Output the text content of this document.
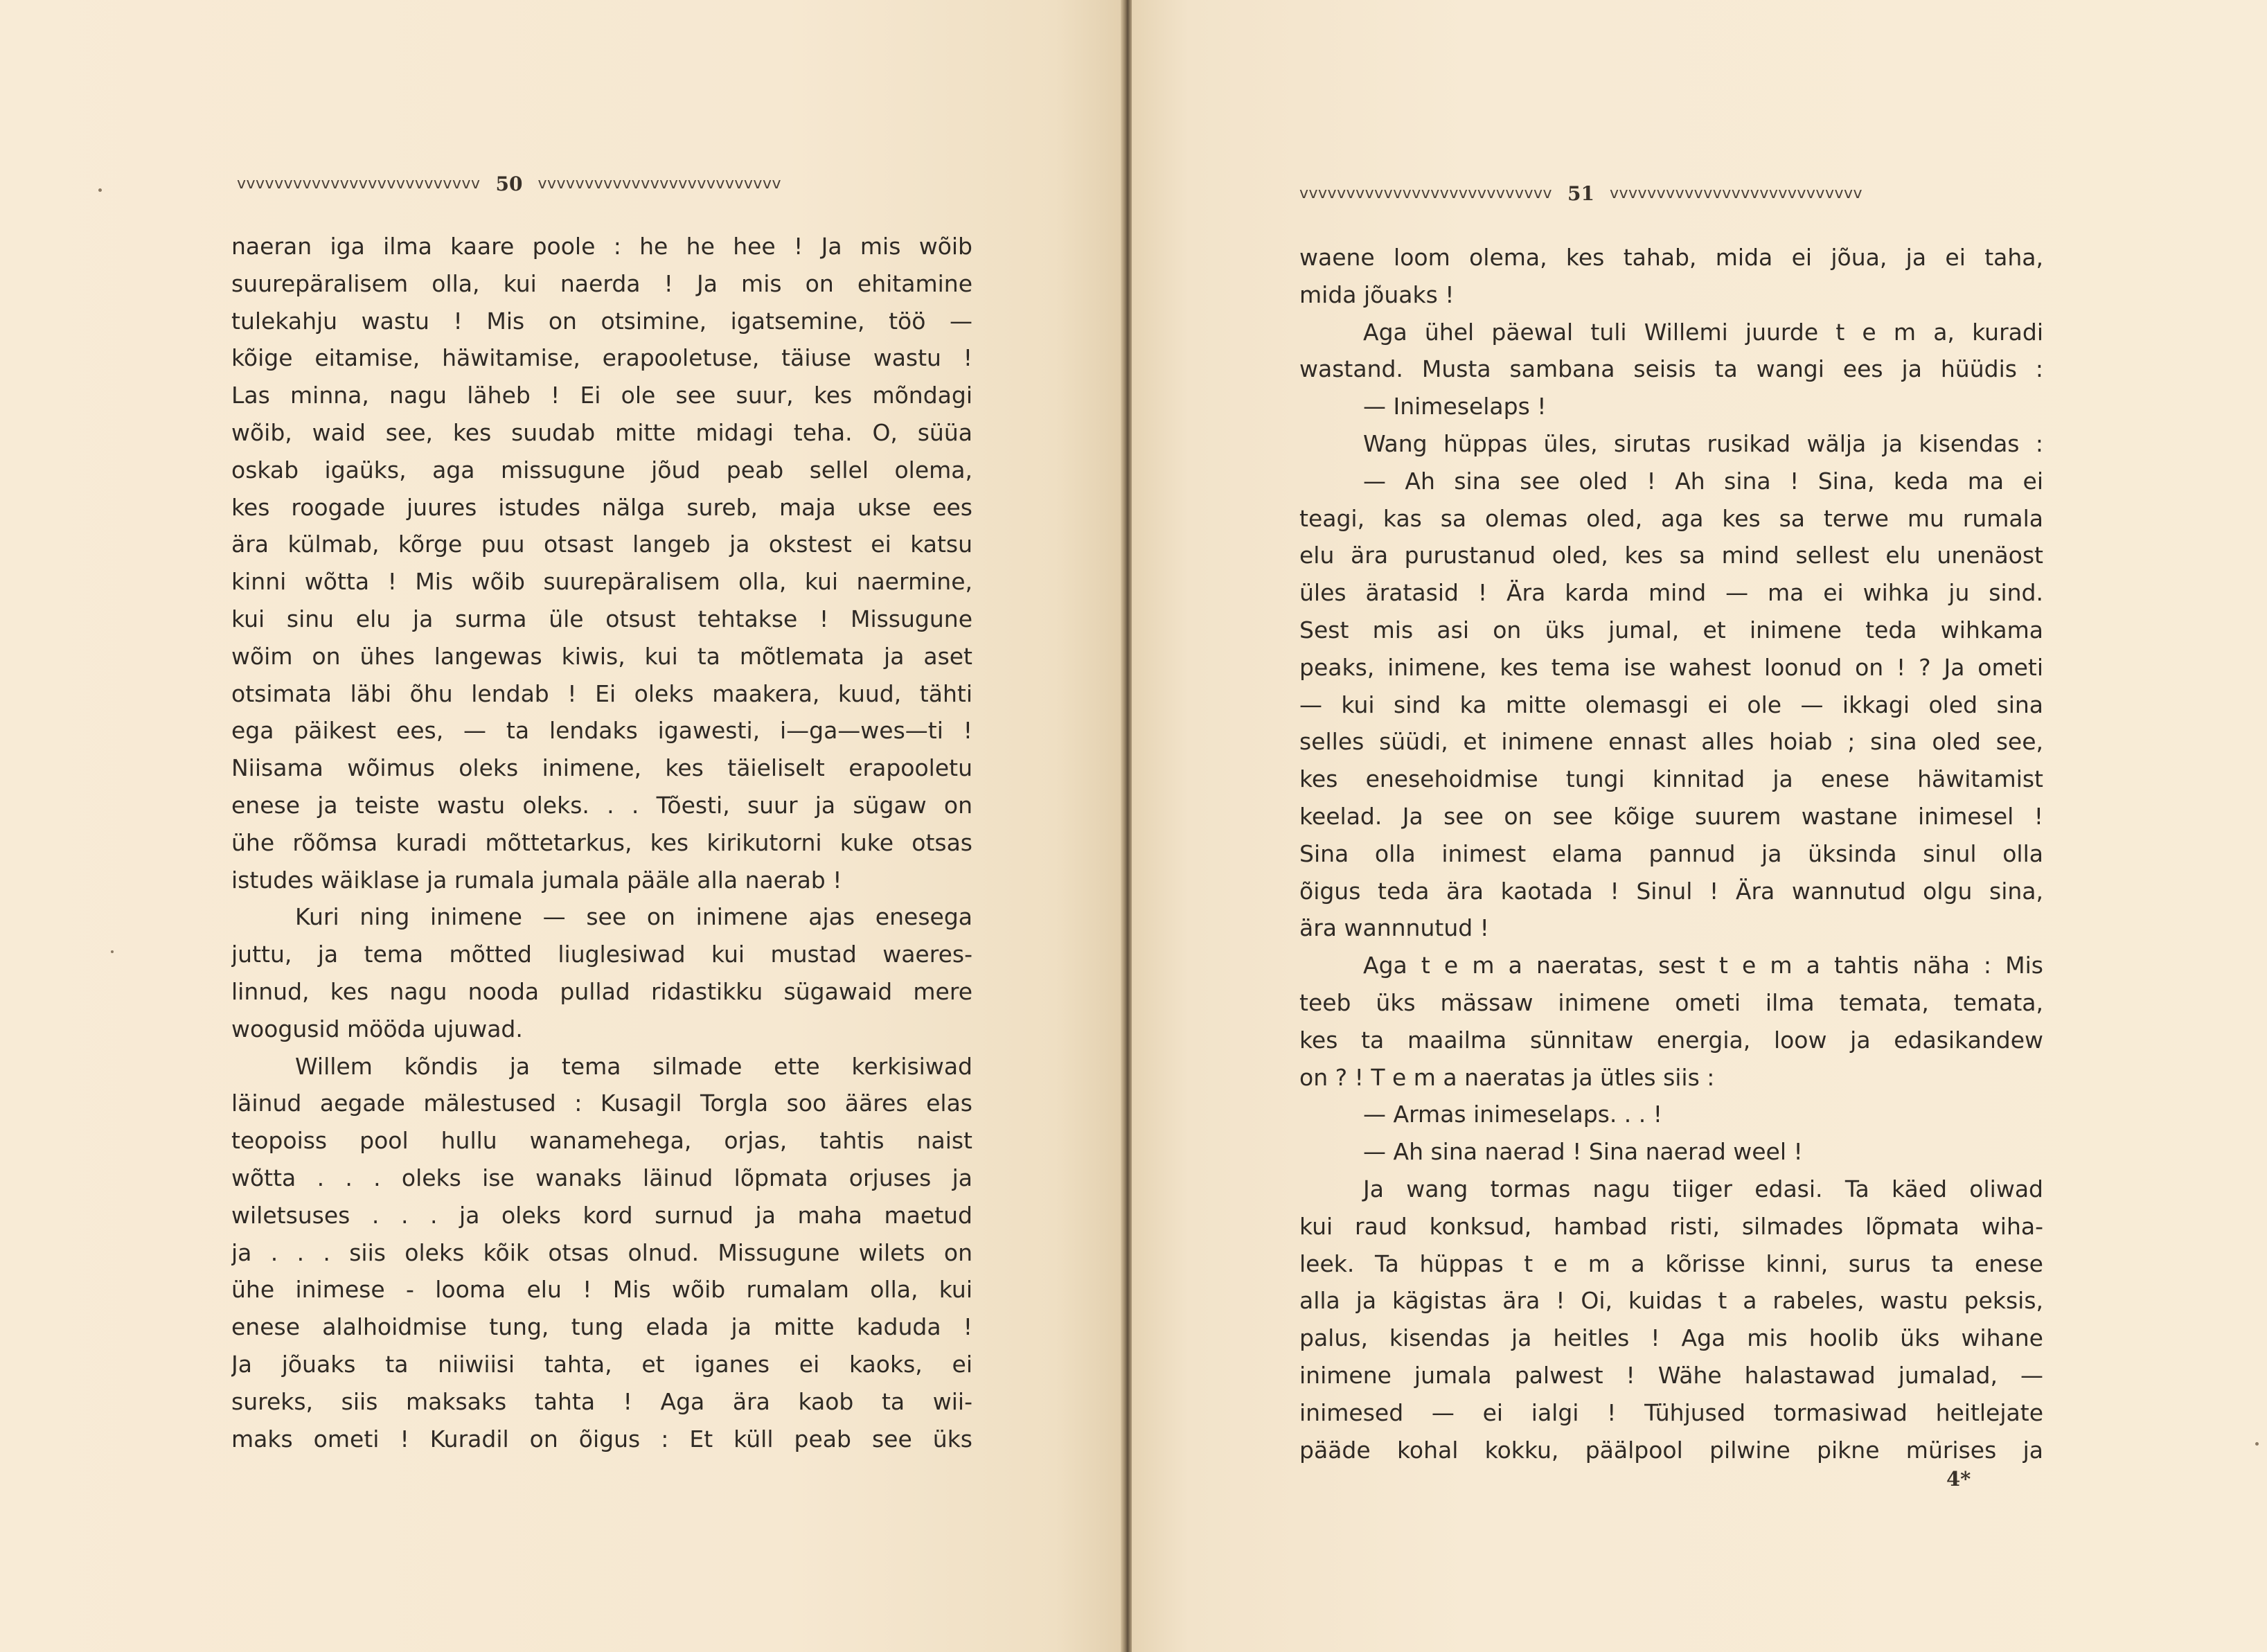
vvvvvvvvvvvvvvvvvvvvvvvvvv 50 vvvvvvvvvvvvvvvvvvvvvvvvvv
naeran iga ilma kaare poole : he he hee ! Ja mis wõib
suurepäralisem olla, kui naerda ! Ja mis on ehitamine
tulekahju wastu ! Mis on otsimine, igatsemine, töö —
kõige eitamise, häwitamise, erapooletuse, täiuse wastu !
Las minna, nagu läheb ! Ei ole see suur, kes mõndagi
wõib, waid see, kes suudab mitte midagi teha. O, süüa
oskab igaüks, aga missugune jõud peab sellel olema,
kes roogade juures istudes nälga sureb, maja ukse ees
ära külmab, kõrge puu otsast langeb ja okstest ei katsu
kinni wõtta ! Mis wõib suurepäralisem olla, kui naermine,
kui sinu elu ja surma üle otsust tehtakse ! Missugune
wõim on ühes langewas kiwis, kui ta mõtlemata ja aset
otsimata läbi õhu lendab ! Ei oleks maakera, kuud, tähti
ega päikest ees, — ta lendaks igawesti, i—ga—wes—ti !
Niisama wõimus oleks inimene, kes täieliselt erapooletu
enese ja teiste wastu oleks. . . Tõesti, suur ja sügaw on
ühe rõõmsa kuradi mõttetarkus, kes kirikutorni kuke otsas
istudes wäiklase ja rumala jumala pääle alla naerab !
Kuri ning inimene — see on inimene ajas enesega
juttu, ja tema mõtted liuglesiwad kui mustad waeres-
linnud, kes nagu nooda pullad ridastikku sügawaid mere
woogusid mööda ujuwad.
Willem kõndis ja tema silmade ette kerkisiwad
läinud aegade mälestused : Kusagil Torgla soo ääres elas
teopoiss pool hullu wanamehega, orjas, tahtis naist
wõtta . . . oleks ise wanaks läinud lõpmata orjuses ja
wiletsuses . . . ja oleks kord surnud ja maha maetud
ja . . . siis oleks kõik otsas olnud. Missugune wilets on
ühe inimese - looma elu ! Mis wõib rumalam olla, kui
enese alalhoidmise tung, tung elada ja mitte kaduda !
Ja jõuaks ta niiwiisi tahta, et iganes ei kaoks, ei
sureks, siis maksaks tahta ! Aga ära kaob ta wii-
maks ometi ! Kuradil on õigus : Et küll peab see üks
vvvvvvvvvvvvvvvvvvvvvvvvvvv 51 vvvvvvvvvvvvvvvvvvvvvvvvvvv
waene loom olema, kes tahab, mida ei jõua, ja ei taha,
mida jõuaks !
Aga ühel päewal tuli Willemi juurde t e m a, kuradi
wastand. Musta sambana seisis ta wangi ees ja hüüdis :
— Inimeselaps !
Wang hüppas üles, sirutas rusikad wälja ja kisendas :
— Ah sina see oled ! Ah sina ! Sina, keda ma ei
teagi, kas sa olemas oled, aga kes sa terwe mu rumala
elu ära purustanud oled, kes sa mind sellest elu unenäost
üles äratasid ! Ära karda mind — ma ei wihka ju sind.
Sest mis asi on üks jumal, et inimene teda wihkama
peaks, inimene, kes tema ise wahest loonud on ! ? Ja ometi
— kui sind ka mitte olemasgi ei ole — ikkagi oled sina
selles süüdi, et inimene ennast alles hoiab ; sina oled see,
kes enesehoidmise tungi kinnitad ja enese häwitamist
keelad. Ja see on see kõige suurem wastane inimesel !
Sina olla inimest elama pannud ja üksinda sinul olla
õigus teda ära kaotada ! Sinul ! Ära wannutud olgu sina,
ära wannnutud !
Aga t e m a naeratas, sest t e m a tahtis näha : Mis
teeb üks mässaw inimene ometi ilma temata, temata,
kes ta maailma sünnitaw energia, loow ja edasikandew
on ? ! T e m a naeratas ja ütles siis :
— Armas inimeselaps. . . !
— Ah sina naerad ! Sina naerad weel !
Ja wang tormas nagu tiiger edasi. Ta käed oliwad
kui raud konksud, hambad risti, silmades lõpmata wiha-
leek. Ta hüppas t e m a kõrisse kinni, surus ta enese
alla ja kägistas ära ! Oi, kuidas t a rabeles, wastu peksis,
palus, kisendas ja heitles ! Aga mis hoolib üks wihane
inimene jumala palwest ! Wähe halastawad jumalad, —
inimesed — ei ialgi ! Tühjused tormasiwad heitlejate
pääde kohal kokku, päälpool pilwine pikne mürises ja
4*
